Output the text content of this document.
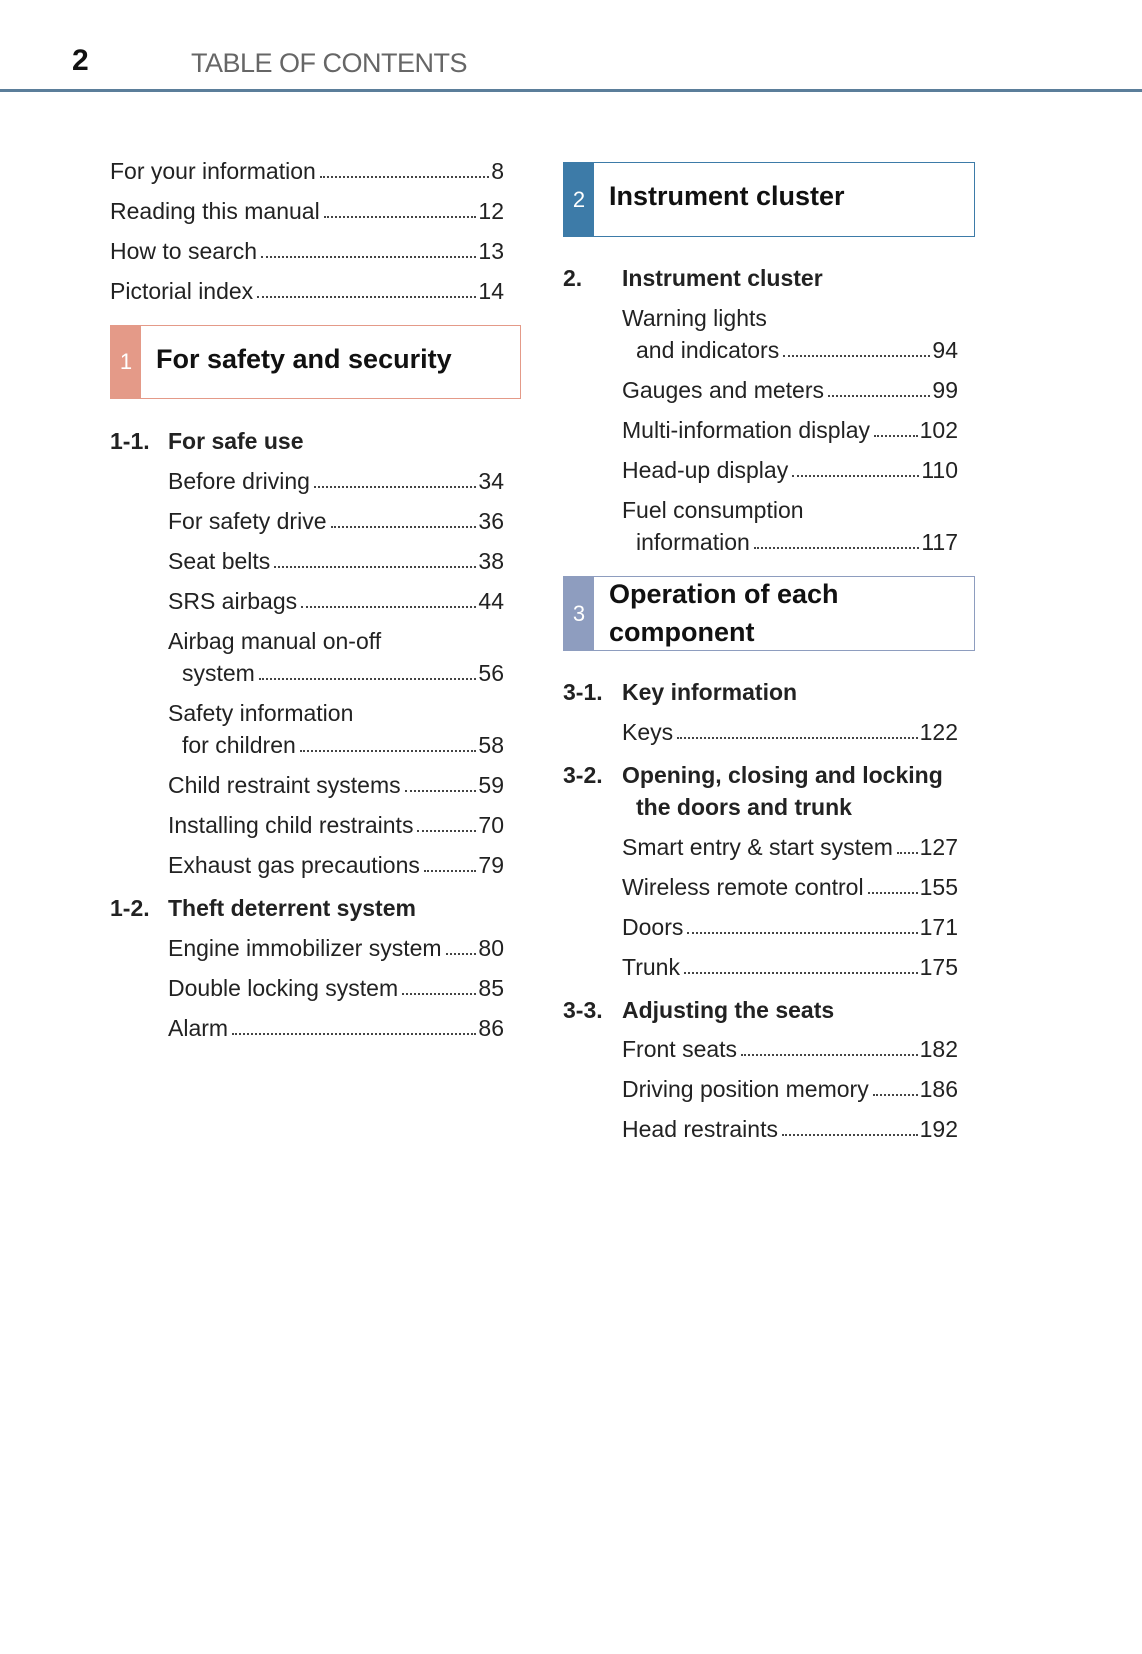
2	TABLE OF CONTENTS
For your information	8
Reading this manual	12
How to search	13
Pictorial index	14
1 For safety and security
1-1. For safe use
Before driving	34
For safety drive	36
Seat belts	38
SRS airbags	44
Airbag manual on-off
system	56
Safety information
for children	58
Child restraint systems	59
Installing child restraints	70
Exhaust gas precautions	79
1-2. Theft deterrent system
Engine immobilizer system 80
Double locking system	85
Alarm	86
2 Instrument cluster
2. Instrument cluster
Warning lights
and indicators	94
Gauges and meters	99
Multi-information display 102
Head-up display	110
Fuel consumption
information	117
3
Operation of each
component
3-1. Key information
Keys	122
3-2. Opening, closing and locking
the doors and trunk
Smart entry & start system 127
Wireless remote control 155
Doors	171
Trunk	175
3-3. Adjusting the seats
Front seats	182
Driving position memory 186
Head restraints	192
